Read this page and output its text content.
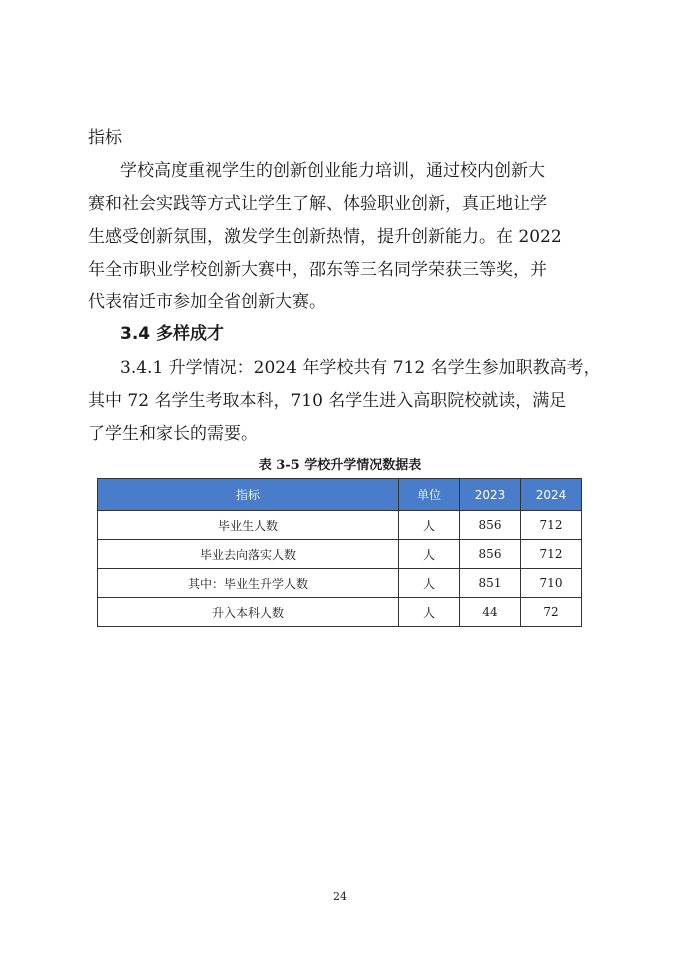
指标

学校高度重视学生的创新创业能力培训，通过校内创新大

赛和社会实践等方式让学生了解、体验职业创新，真正地让学

生感受创新氛围，激发学生创新热情，提升创新能力。在 2022

年全市职业学校创新大赛中，邵东等三名同学荣获三等奖，并

代表宿迁市参加全省创新大赛。

3.4 多样成才

3.4.1 升学情况：2024 年学校共有 712 名学生参加职教高考，

其中 72 名学生考取本科，710 名学生进入高职院校就读，满足

了学生和家长的需要。

表 3-5 学校升学情况数据表
指标	单位	2023	2024
毕业生人数	人	856	712
毕业去向落实人数	人	856	712
其中：毕业生升学人数	人	851	710
升入本科人数	人	44	72
24
